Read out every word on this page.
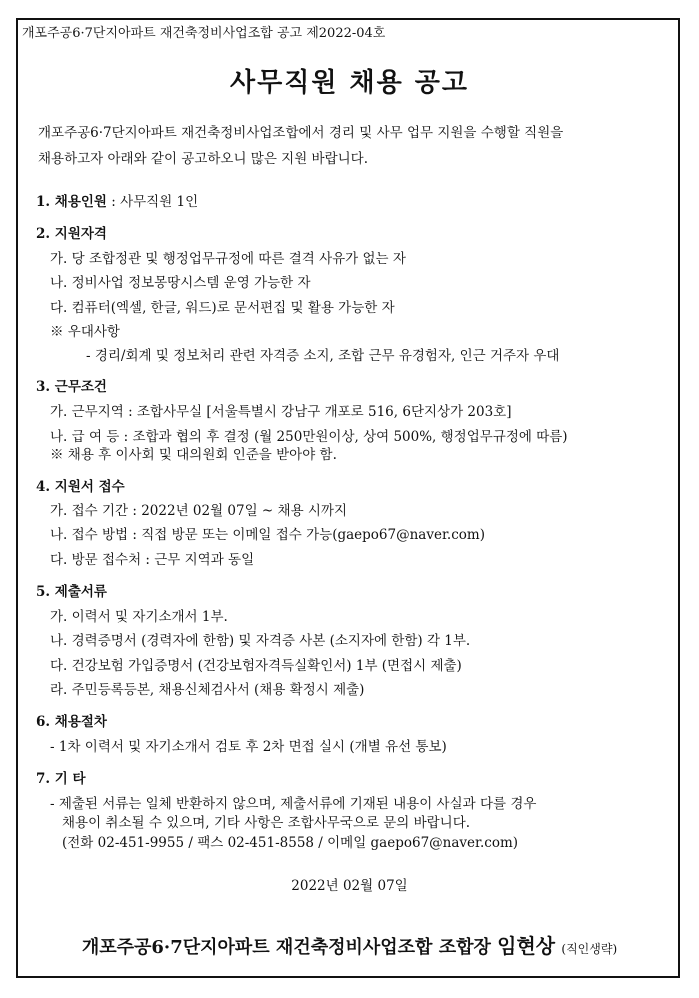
개포주공6·7단지아파트 재건축정비사업조합 공고 제2022-04호
사무직원 채용 공고
개포주공6·7단지아파트 재건축정비사업조합에서 경리 및 사무 업무 지원을 수행할 직원을
채용하고자 아래와 같이 공고하오니 많은 지원 바랍니다.
1. 채용인원 : 사무직원 1인
2. 지원자격
가. 당 조합정관 및 행정업무규정에 따른 결격 사유가 없는 자
나. 정비사업 정보몽땅시스템 운영 가능한 자
다. 컴퓨터(엑셀, 한글, 워드)로 문서편집 및 활용 가능한 자
※ 우대사항
- 경리/회계 및 정보처리 관련 자격증 소지, 조합 근무 유경험자, 인근 거주자 우대
3. 근무조건
가. 근무지역 : 조합사무실 [서울특별시 강남구 개포로 516, 6단지상가 203호]
나. 급 여 등 : 조합과 협의 후 결정 (월 250만원이상, 상여 500%, 행정업무규정에 따름)
※ 채용 후 이사회 및 대의원회 인준을 받아야 함.
4. 지원서 접수
가. 접수 기간 : 2022년 02월 07일 ~ 채용 시까지
나. 접수 방법 : 직접 방문 또는 이메일 접수 가능(gaepo67@naver.com)
다. 방문 접수처 : 근무 지역과 동일
5. 제출서류
가. 이력서 및 자기소개서 1부.
나. 경력증명서 (경력자에 한함) 및 자격증 사본 (소지자에 한함) 각 1부.
다. 건강보험 가입증명서 (건강보험자격득실확인서) 1부 (면접시 제출)
라. 주민등록등본, 채용신체검사서 (채용 확정시 제출)
6. 채용절차
- 1차 이력서 및 자기소개서 검토 후 2차 면접 실시 (개별 유선 통보)
7. 기 타
- 제출된 서류는 일체 반환하지 않으며, 제출서류에 기재된 내용이 사실과 다를 경우
채용이 취소될 수 있으며, 기타 사항은 조합사무국으로 문의 바랍니다.
(전화 02-451-9955 / 팩스 02-451-8558 / 이메일 gaepo67@naver.com)
2022년 02월 07일
개포주공6·7단지아파트 재건축정비사업조합 조합장 임현상 (직인생략)
